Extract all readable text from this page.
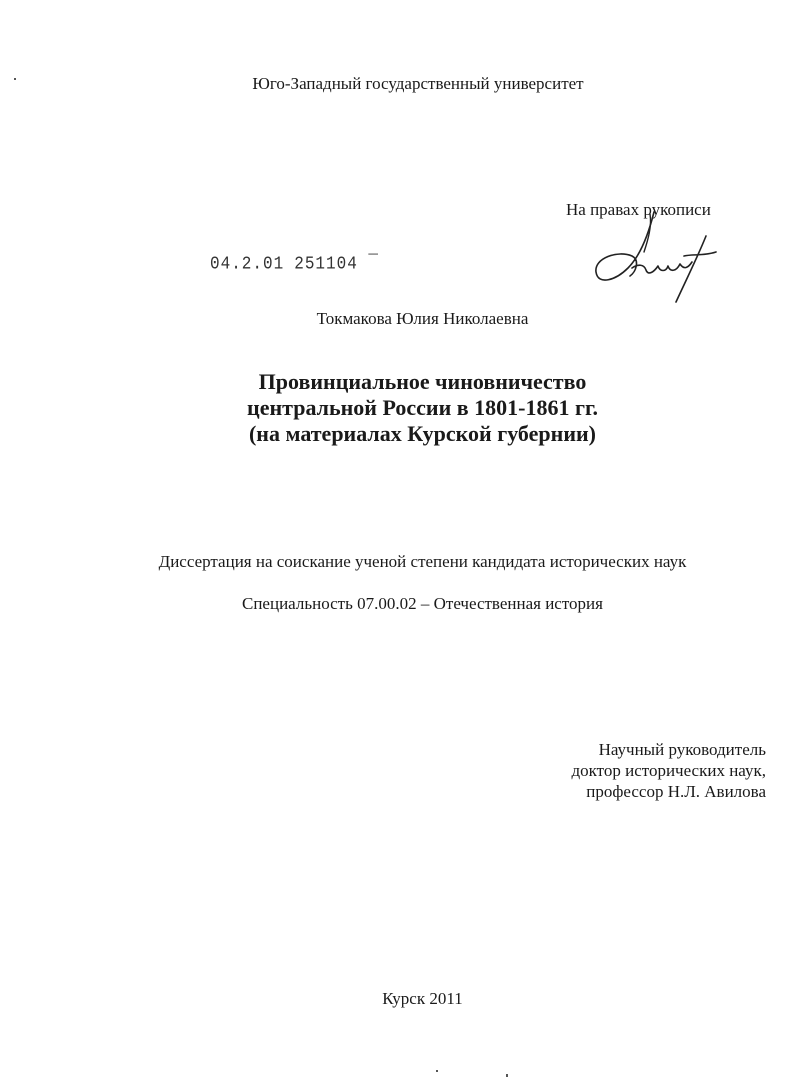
Юго-Западный государственный университет
На правах рукописи
04.2.01 251104 ¯
Токмакова Юлия Николаевна
Провинциальное чиновничество
центральной России в 1801-1861 гг.
(на материалах Курской губернии)
Диссертация на соискание ученой степени кандидата исторических наук
Специальность 07.00.02 – Отечественная история
Научный руководитель
доктор исторических наук,
профессор Н.Л. Авилова
Курск 2011
